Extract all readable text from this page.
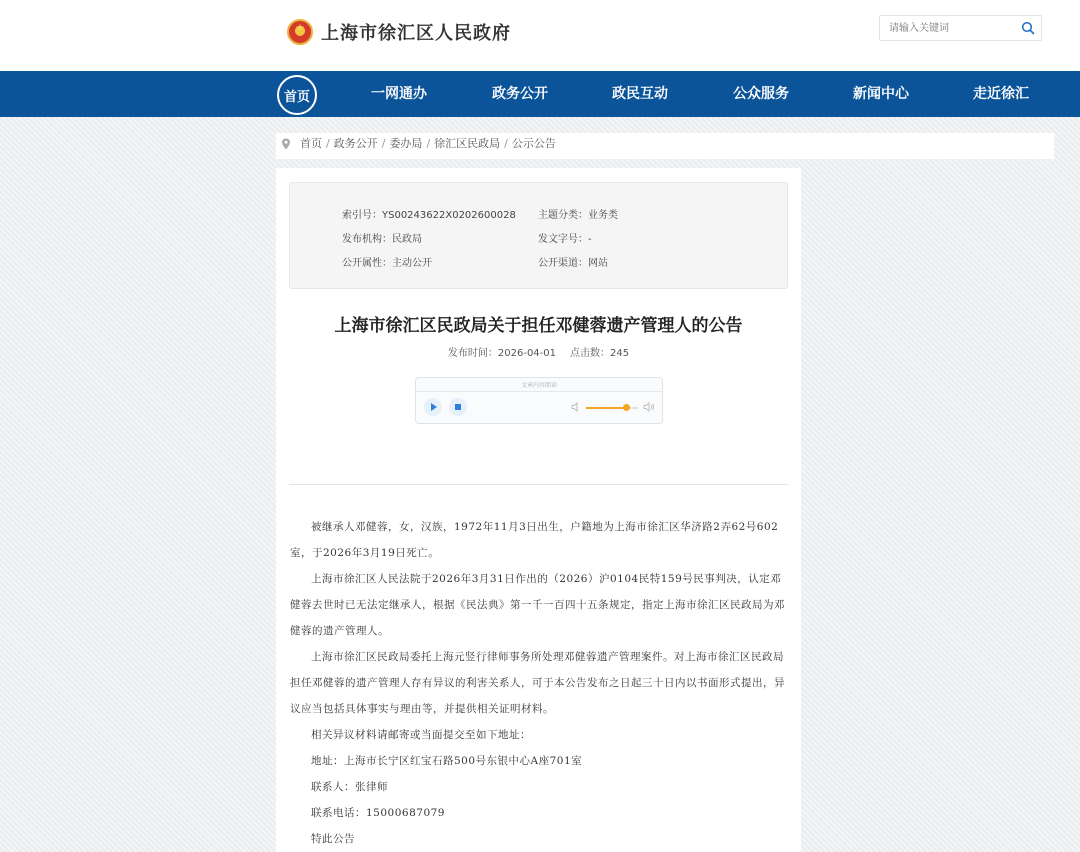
★
上海市徐汇区人民政府
请输入关键词
首页	一网通办	政务公开	政民互动	公众服务	新闻中心	走近徐汇
首页 / 政务公开 / 委办局 / 徐汇区民政局 / 公示公告
索引号：YS00243622X0202600028 主题分类：业务类
发布机构：民政局	发文字号：-
公开属性：主动公开	公开渠道：网站
上海市徐汇区民政局关于担任邓健蓉遗产管理人的公告
发布时间：2026-04-01 点击数：245
文章内容朗读

被继承人邓健蓉，女，汉族，1972年11月3日出生，户籍地为上海市徐汇区华济路2弄62号602室，于2026年3月19日死亡。

上海市徐汇区人民法院于2026年3月31日作出的（2026）沪0104民特159号民事判决，认定邓健蓉去世时已无法定继承人，根据《民法典》第一千一百四十五条规定，指定上海市徐汇区民政局为邓健蓉的遗产管理人。

上海市徐汇区民政局委托上海元竖行律师事务所处理邓健蓉遗产管理案件。对上海市徐汇区民政局担任邓健蓉的遗产管理人存有异议的利害关系人，可于本公告发布之日起三十日内以书面形式提出，异议应当包括具体事实与理由等，并提供相关证明材料。

相关异议材料请邮寄或当面提交至如下地址：

地址：上海市长宁区红宝石路500号东银中心A座701室

联系人：张律师

联系电话：15000687079

特此公告
